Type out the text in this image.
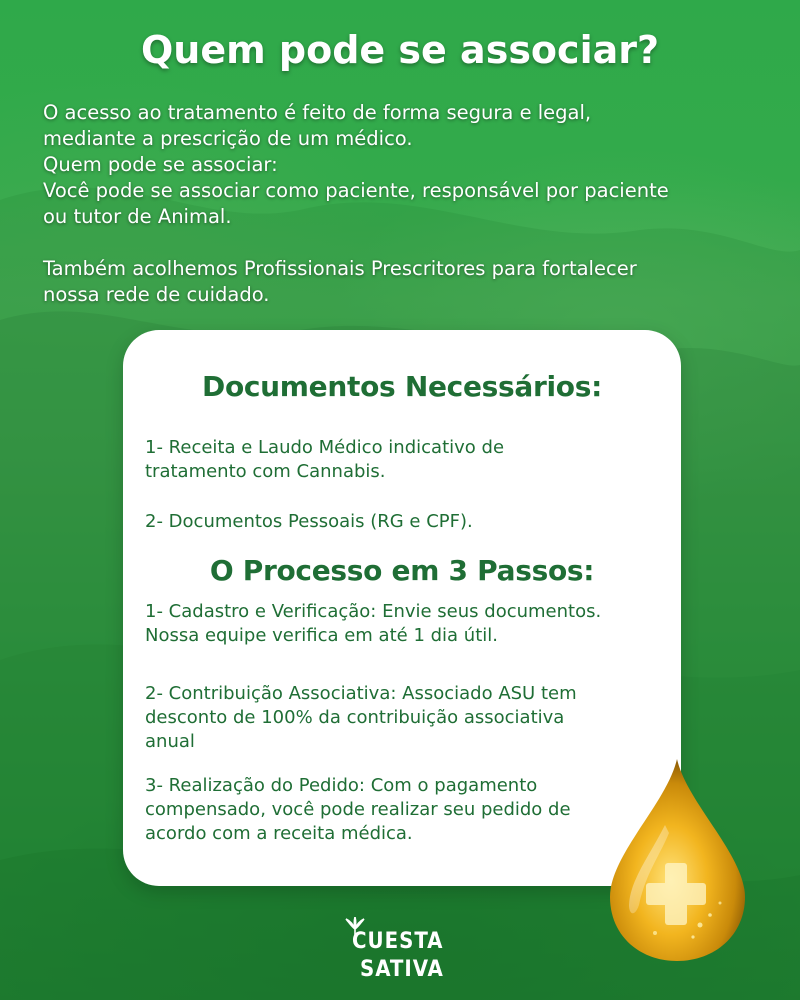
Quem pode se associar?

O acesso ao tratamento é feito de forma segura e legal,

mediante a prescrição de um médico.

Quem pode se associar:

Você pode se associar como paciente, responsável por paciente

ou tutor de Animal.

Também acolhemos Profissionais Prescritores para fortalecer

nossa rede de cuidado.

Documentos Necessários:
1- Receita e Laudo Médico indicativo de
tratamento com Cannabis.
2- Documentos Pessoais (RG e CPF).
O Processo em 3 Passos:
1- Cadastro e Verificação: Envie seus documentos.
Nossa equipe verifica em até 1 dia útil.
2- Contribuição Associativa: Associado ASU tem
desconto de 100% da contribuição associativa
anual
3- Realização do Pedido: Com o pagamento
compensado, você pode realizar seu pedido de
acordo com a receita médica.
CUESTA
SATIVA
